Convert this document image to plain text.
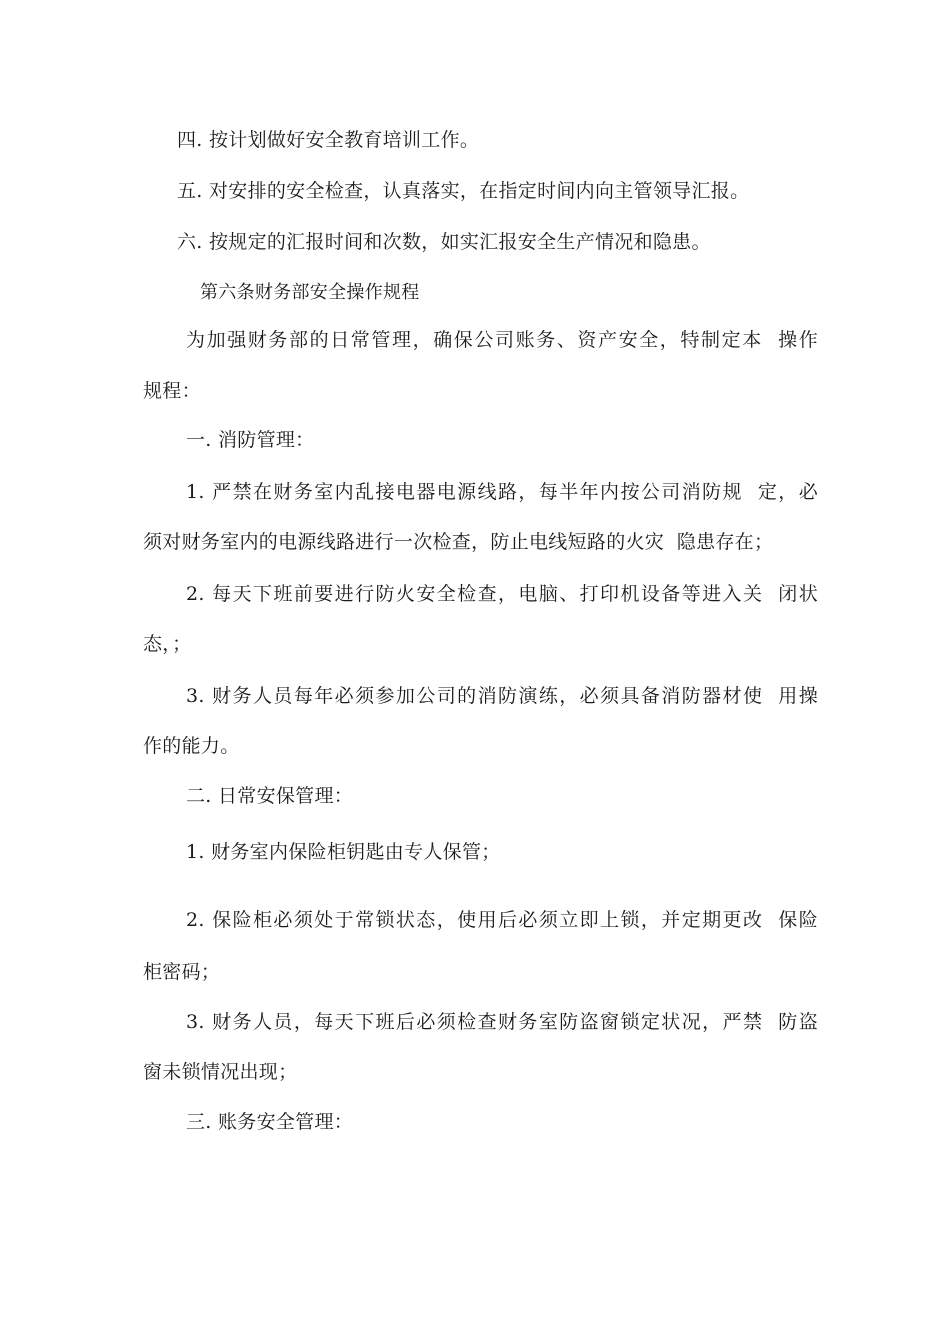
四. 按计划做好安全教育培训工作。

五. 对安排的安全检查，认真落实，在指定时间内向主管领导汇报。

六. 按规定的汇报时间和次数，如实汇报安全生产情况和隐患。

第六条财务部安全操作规程

为加强财务部的日常管理，确保公司账务、资产安全，特制定本  操作

规程：

一. 消防管理：

1. 严禁在财务室内乱接电器电源线路，每半年内按公司消防规  定，必

须对财务室内的电源线路进行一次检查，防止电线短路的火灾  隐患存在；

2. 每天下班前要进行防火安全检查，电脑、打印机设备等进入关  闭状

态，；

3. 财务人员每年必须参加公司的消防演练，必须具备消防器材使  用操

作的能力。

二. 日常安保管理：

1. 财务室内保险柜钥匙由专人保管；

2. 保险柜必须处于常锁状态，使用后必须立即上锁，并定期更改  保险

柜密码；

3. 财务人员，每天下班后必须检查财务室防盗窗锁定状况，严禁  防盗

窗未锁情况出现；

三. 账务安全管理：
